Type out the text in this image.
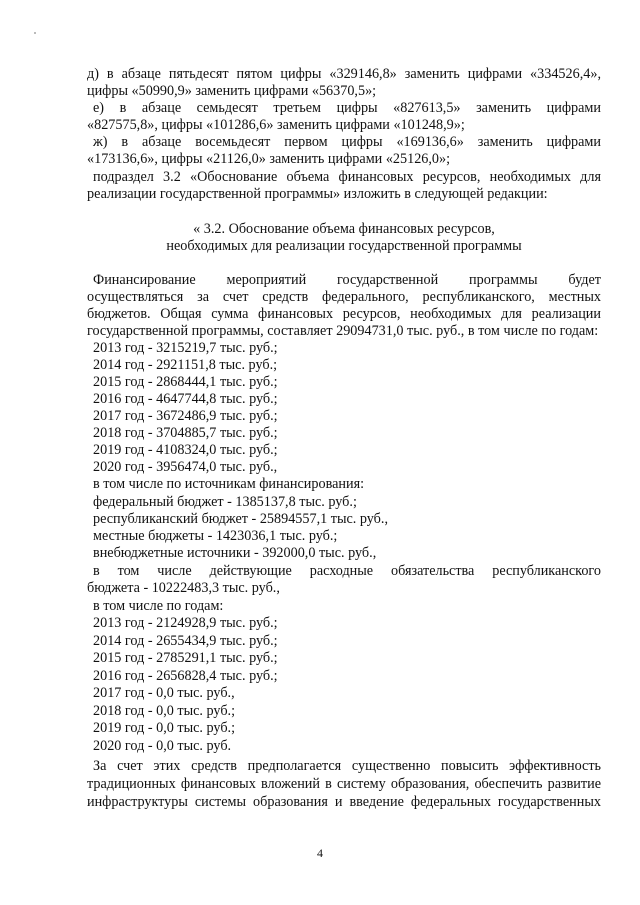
д) в абзаце пятьдесят пятом цифры «329146,8» заменить цифрами «334526,4»,

цифры «50990,9» заменить цифрами «56370,5»;

е) в абзаце семьдесят третьем цифры «827613,5» заменить цифрами

«827575,8», цифры «101286,6» заменить цифрами «101248,9»;

ж) в абзаце восемьдесят первом цифры «169136,6» заменить цифрами

«173136,6», цифры «21126,0» заменить цифрами «25126,0»;

подраздел 3.2 «Обоснование объема финансовых ресурсов, необходимых для

реализации государственной программы» изложить в следующей редакции:

« 3.2. Обоснование объема финансовых ресурсов,

необходимых для реализации государственной программы

Финансирование мероприятий государственной программы будет

осуществляться за счет средств федерального, республиканского, местных

бюджетов. Общая сумма финансовых ресурсов, необходимых для реализации

государственной программы, составляет 29094731,0 тыс. руб., в том числе по годам:

2013 год - 3215219,7 тыс. руб.;

2014 год - 2921151,8 тыс. руб.;

2015 год - 2868444,1 тыс. руб.;

2016 год - 4647744,8 тыс. руб.;

2017 год - 3672486,9 тыс. руб.;

2018 год - 3704885,7 тыс. руб.;

2019 год - 4108324,0 тыс. руб.;

2020 год - 3956474,0 тыс. руб.,

в том числе по источникам финансирования:

федеральный бюджет - 1385137,8 тыс. руб.;

республиканский бюджет - 25894557,1 тыс. руб.,

местные бюджеты - 1423036,1 тыс. руб.;

внебюджетные источники - 392000,0 тыс. руб.,

в том числе действующие расходные обязательства республиканского

бюджета - 10222483,3 тыс. руб.,

в том числе по годам:

2013 год - 2124928,9 тыс. руб.;

2014 год - 2655434,9 тыс. руб.;

2015 год - 2785291,1 тыс. руб.;

2016 год - 2656828,4 тыс. руб.;

2017 год - 0,0 тыс. руб.,

2018 год - 0,0 тыс. руб.;

2019 год - 0,0 тыс. руб.;

2020 год - 0,0 тыс. руб.

За счет этих средств предполагается существенно повысить эффективность

традиционных финансовых вложений в систему образования, обеспечить развитие

инфраструктуры системы образования и введение федеральных государственных

4
